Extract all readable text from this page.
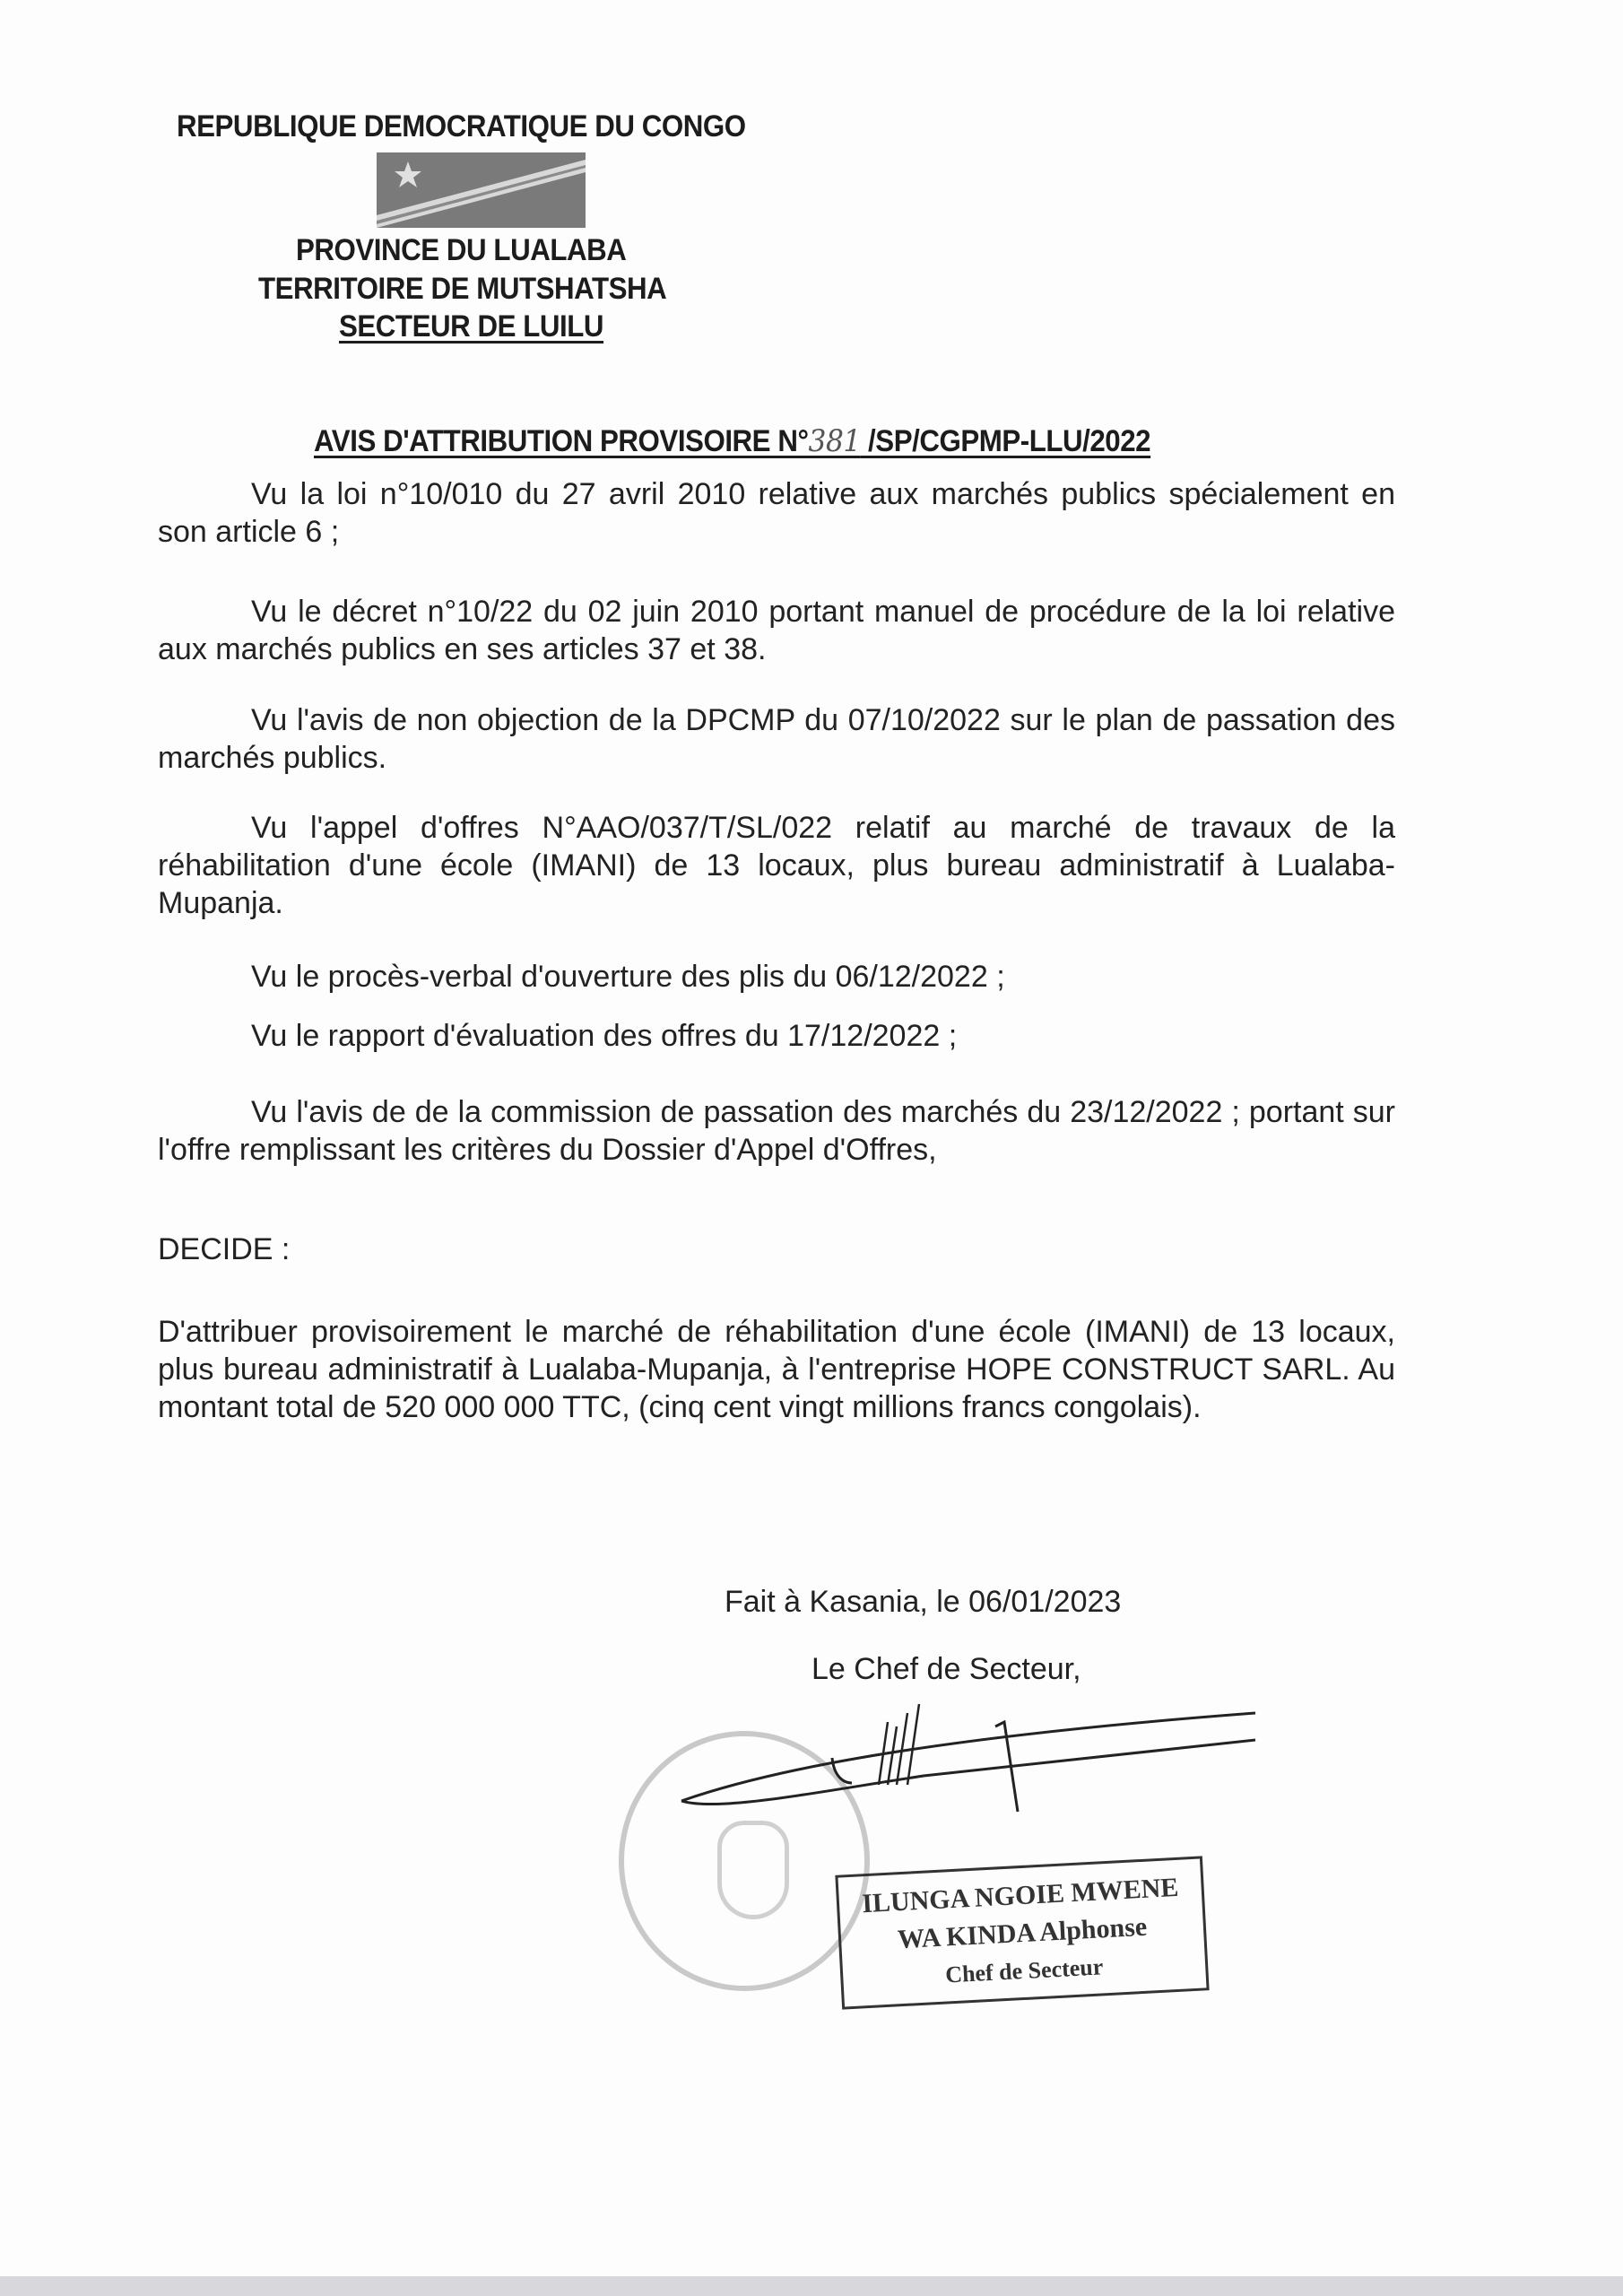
REPUBLIQUE DEMOCRATIQUE DU CONGO
PROVINCE DU LUALABA
TERRITOIRE DE MUTSHATSHA
SECTEUR DE LUILU
AVIS D'ATTRIBUTION PROVISOIRE N°381 /SP/CGPMP-LLU/2022
Vu la loi n°10/010 du 27 avril 2010 relative aux marchés publics spécialement en son article 6 ;
Vu le décret n°10/22 du 02 juin 2010 portant manuel de procédure de la loi relative aux marchés publics en ses articles 37 et 38.
Vu l'avis de non objection de la DPCMP du 07/10/2022 sur le plan de passation des marchés publics.
Vu l'appel d'offres N°AAO/037/T/SL/022 relatif au marché de travaux de la réhabilitation d'une école (IMANI) de 13 locaux, plus bureau administratif à Lualaba-Mupanja.
Vu le procès-verbal d'ouverture des plis du 06/12/2022 ;
Vu le rapport d'évaluation des offres du 17/12/2022 ;
Vu l'avis de de la commission de passation des marchés du 23/12/2022 ; portant sur l'offre remplissant les critères du Dossier d'Appel d'Offres,
DECIDE :
D'attribuer provisoirement le marché de réhabilitation d'une école (IMANI) de 13 locaux, plus bureau administratif à Lualaba-Mupanja, à l'entreprise HOPE CONSTRUCT SARL. Au montant total de 520 000 000 TTC, (cinq cent vingt millions francs congolais).
Fait à Kasania, le 06/01/2023
Le Chef de Secteur,
ILUNGA NGOIE MWENE
WA KINDA Alphonse
Chef de Secteur
